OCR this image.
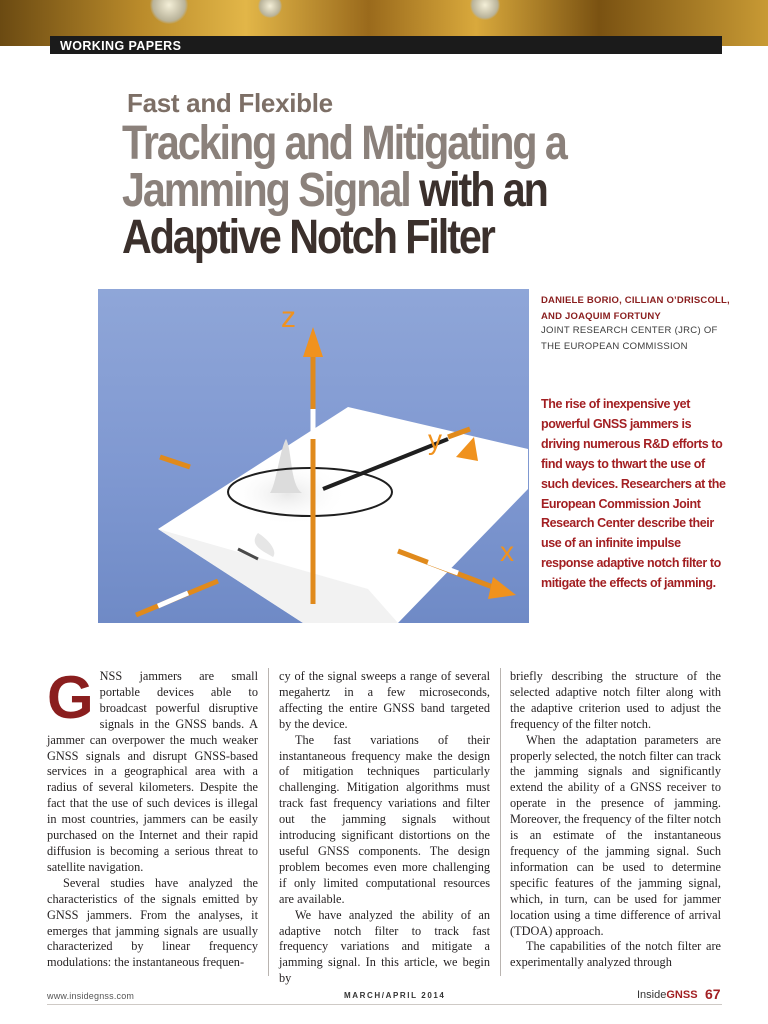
WORKING PAPERS
Fast and Flexible
Tracking and Mitigating a Jamming Signal with an Adaptive Notch Filter
z
y
x
DANIELE BORIO, CILLIAN O’DRISCOLL,
AND JOAQUIM FORTUNY
JOINT RESEARCH CENTER (JRC) OF
THE EUROPEAN COMMISSION
The rise of inexpensive yet powerful GNSS jammers is driving numerous R&D efforts to find ways to thwart the use of such devices. Researchers at the European Commission Joint Research Center describe their use of an infinite impulse response adaptive notch filter to mitigate the effects of jamming.

GNSS jammers are small portable devices able to broadcast powerful disruptive signals in the GNSS bands. A jammer can overpower the much weaker GNSS signals and disrupt GNSS-based services in a geographical area with a radius of several kilometers. Despite the fact that the use of such devices is illegal in most countries, jammers can be easily purchased on the Internet and their rapid diffusion is becoming a serious threat to satellite navigation.

Several studies have analyzed the characteristics of the signals emitted by GNSS jammers. From the analyses, it emerges that jamming signals are usually characterized by linear frequency modulations: the instantaneous frequen-

cy of the signal sweeps a range of several megahertz in a few microseconds, affecting the entire GNSS band targeted by the device.

The fast variations of their instantaneous frequency make the design of mitigation techniques particularly challenging. Mitigation algorithms must track fast frequency variations and filter out the jamming signals without introducing significant distortions on the useful GNSS components. The design problem becomes even more challenging if only limited computational resources are available.

We have analyzed the ability of an adaptive notch filter to track fast frequency variations and mitigate a jamming signal. In this article, we begin by

briefly describing the structure of the selected adaptive notch filter along with the adaptive criterion used to adjust the frequency of the filter notch.

When the adaptation parameters are properly selected, the notch filter can track the jamming signals and significantly extend the ability of a GNSS receiver to operate in the presence of jamming. Moreover, the frequency of the filter notch is an estimate of the instantaneous frequency of the jamming signal. Such information can be used to determine specific features of the jamming signal, which, in turn, can be used for jammer location using a time difference of arrival (TDOA) approach.

The capabilities of the notch filter are experimentally analyzed through

www.insidegnss.com	MARCH/APRIL 2014	InsideGNSS 67
